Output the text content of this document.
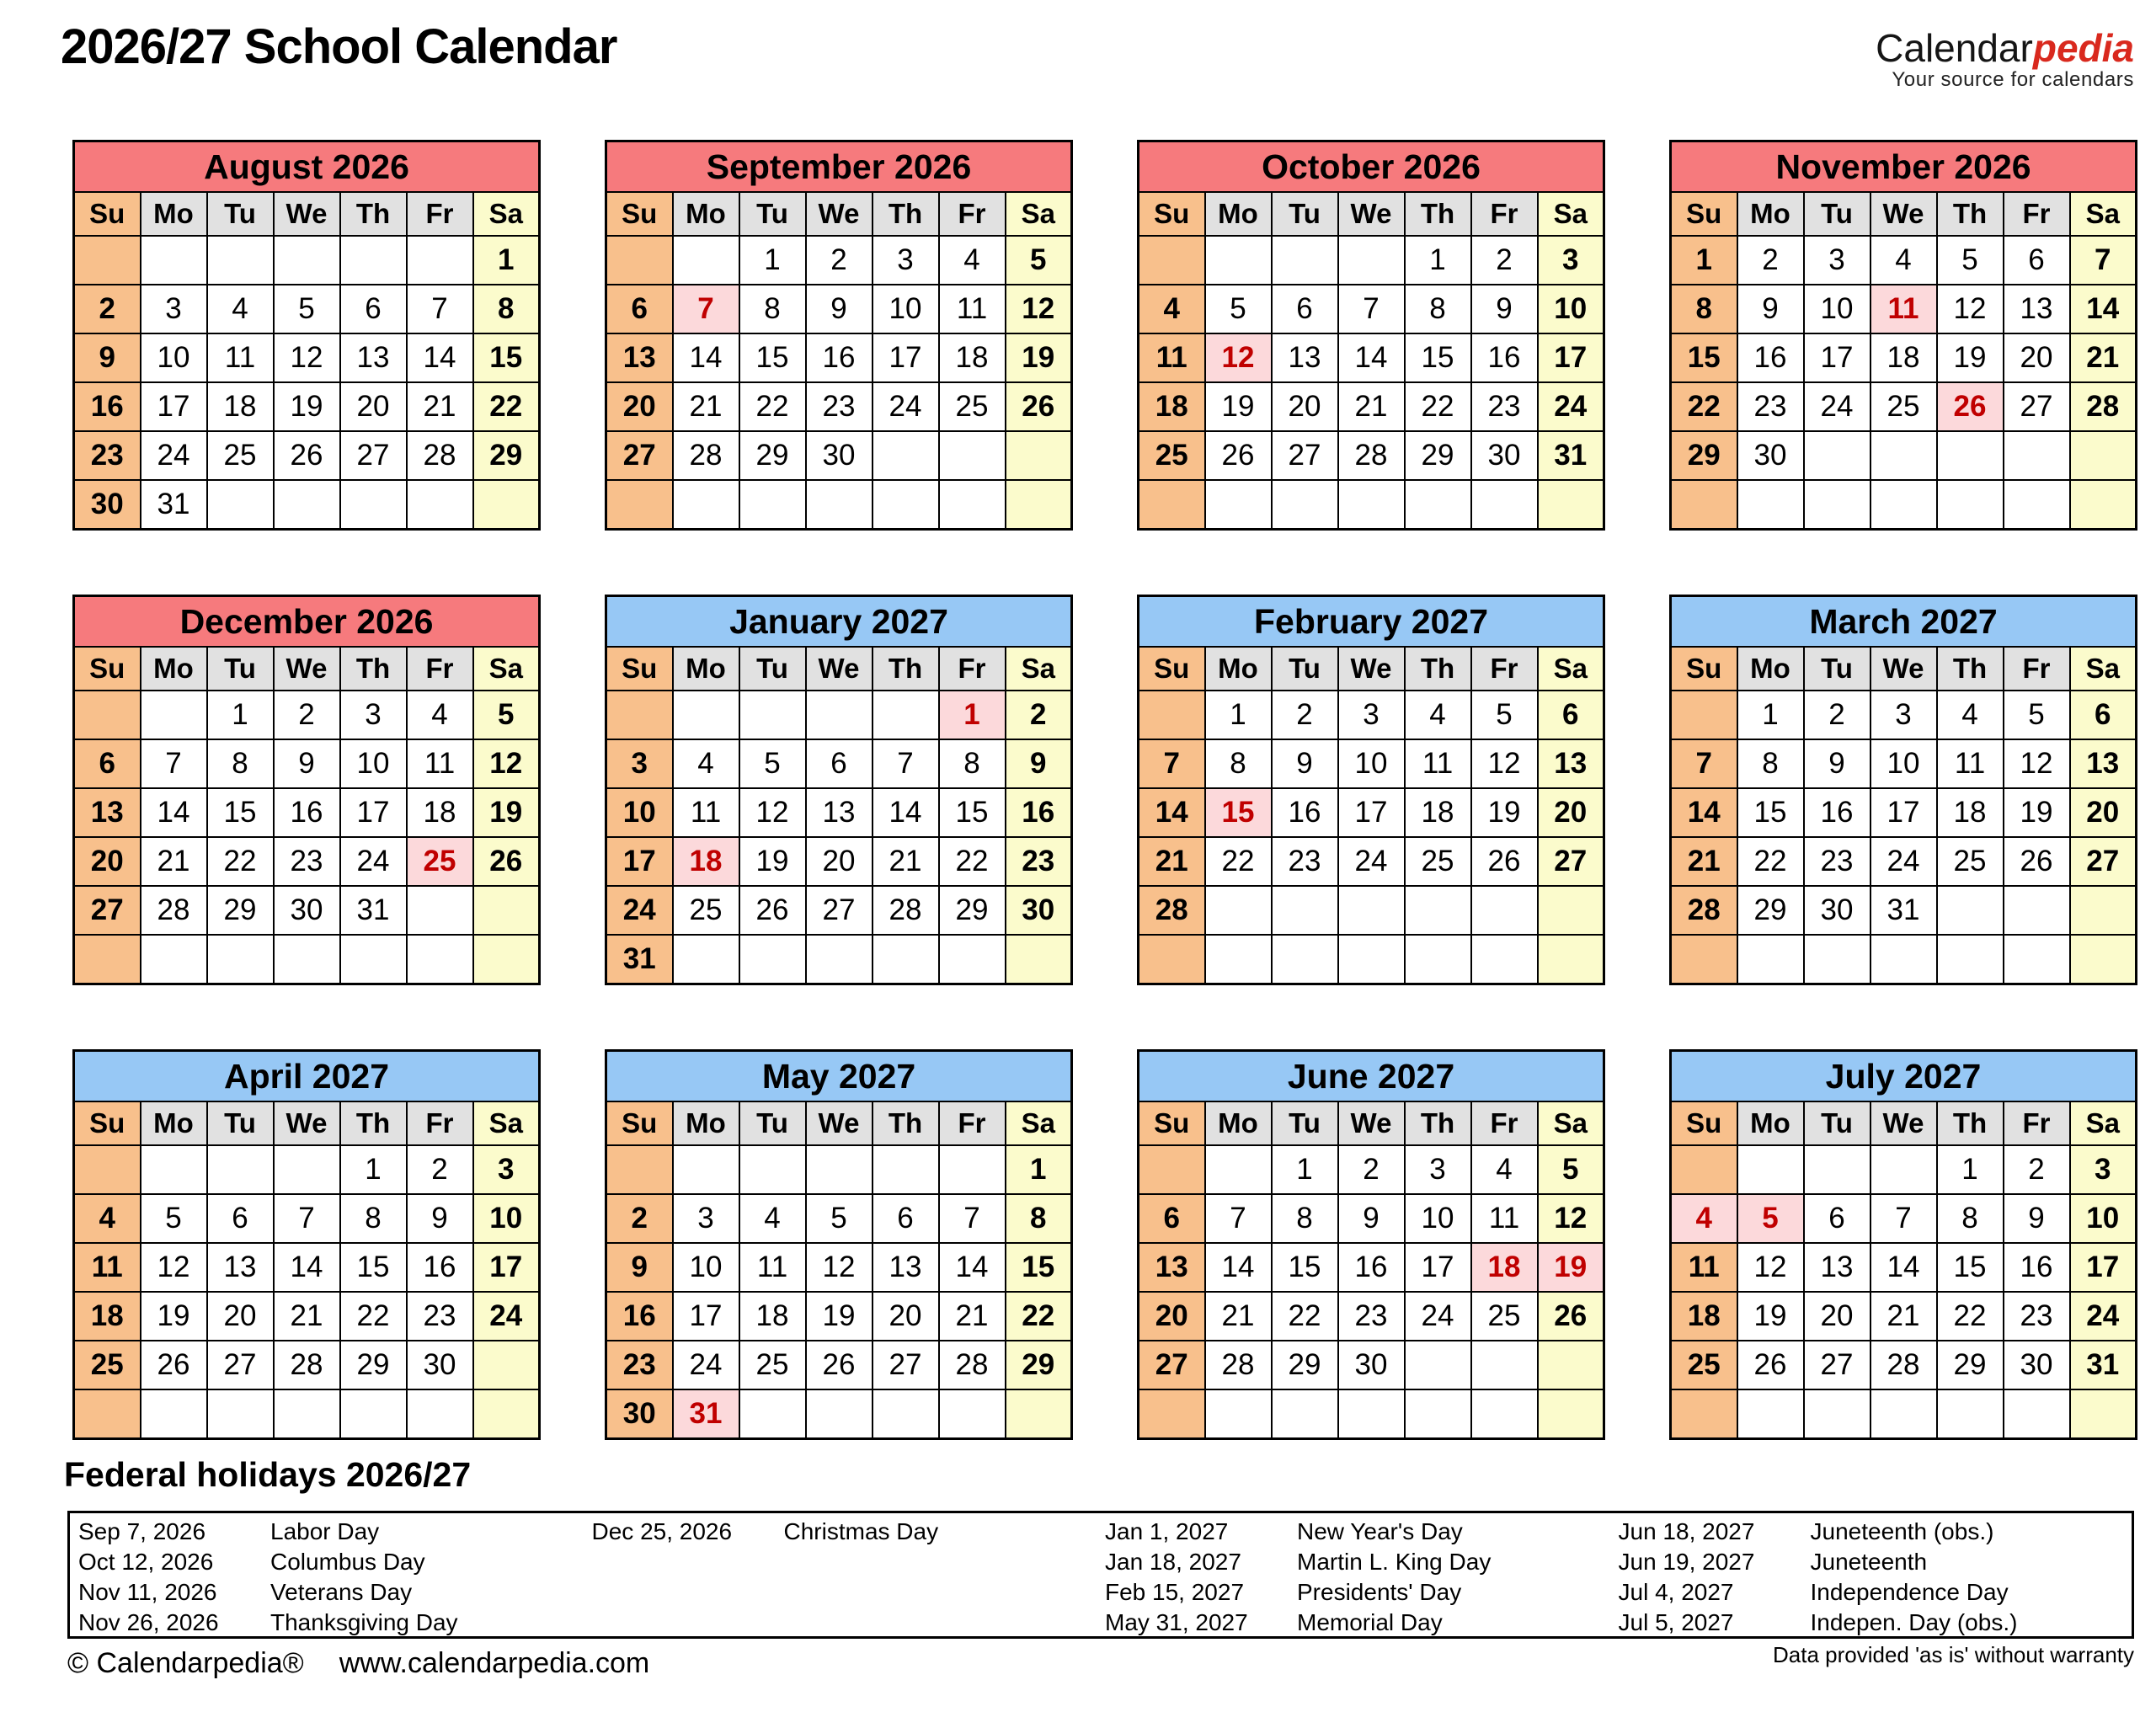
2026/27 School Calendar	Calendarpedia
Your source for calendars
August 2026						
Su	Mo	Tu	We	Th	Fr	Sa
						1
2	3	4	5	6	7	8
9	10	11	12	13	14	15
16	17	18	19	20	21	22
23	24	25	26	27	28	29
30	31					
September 2026						
Su	Mo	Tu	We	Th	Fr	Sa
		1	2	3	4	5
6	7	8	9	10	11	12
13	14	15	16	17	18	19
20	21	22	23	24	25	26
27	28	29	30			

October 2026						
Su	Mo	Tu	We	Th	Fr	Sa
				1	2	3
4	5	6	7	8	9	10
11	12	13	14	15	16	17
18	19	20	21	22	23	24
25	26	27	28	29	30	31

November 2026						
Su	Mo	Tu	We	Th	Fr	Sa
1	2	3	4	5	6	7
8	9	10	11	12	13	14
15	16	17	18	19	20	21
22	23	24	25	26	27	28
29	30					

December 2026						
Su	Mo	Tu	We	Th	Fr	Sa
		1	2	3	4	5
6	7	8	9	10	11	12
13	14	15	16	17	18	19
20	21	22	23	24	25	26
27	28	29	30	31		

January 2027						
Su	Mo	Tu	We	Th	Fr	Sa
					1	2
3	4	5	6	7	8	9
10	11	12	13	14	15	16
17	18	19	20	21	22	23
24	25	26	27	28	29	30
31						
February 2027						
Su	Mo	Tu	We	Th	Fr	Sa
	1	2	3	4	5	6
7	8	9	10	11	12	13
14	15	16	17	18	19	20
21	22	23	24	25	26	27
28						

March 2027						
Su	Mo	Tu	We	Th	Fr	Sa
	1	2	3	4	5	6
7	8	9	10	11	12	13
14	15	16	17	18	19	20
21	22	23	24	25	26	27
28	29	30	31			

April 2027						
Su	Mo	Tu	We	Th	Fr	Sa
				1	2	3
4	5	6	7	8	9	10
11	12	13	14	15	16	17
18	19	20	21	22	23	24
25	26	27	28	29	30	

May 2027						
Su	Mo	Tu	We	Th	Fr	Sa
						1
2	3	4	5	6	7	8
9	10	11	12	13	14	15
16	17	18	19	20	21	22
23	24	25	26	27	28	29
30	31					
June 2027						
Su	Mo	Tu	We	Th	Fr	Sa
		1	2	3	4	5
6	7	8	9	10	11	12
13	14	15	16	17	18	19
20	21	22	23	24	25	26
27	28	29	30			

July 2027						
Su	Mo	Tu	We	Th	Fr	Sa
				1	2	3
4	5	6	7	8	9	10
11	12	13	14	15	16	17
18	19	20	21	22	23	24
25	26	27	28	29	30	31

Federal holidays 2026/27
Sep 7, 2026	Labor Day
Oct 12, 2026	Columbus Day
Nov 11, 2026	Veterans Day
Nov 26, 2026	Thanksgiving Day
Dec 25, 2026	Christmas Day	Jan 1, 2027	New Year's Day
Jan 18, 2027	Martin L. King Day
Feb 15, 2027	Presidents' Day
May 31, 2027	Memorial Day
Jun 18, 2027	Juneteenth (obs.)
Jun 19, 2027	Juneteenth
Jul 4, 2027	Independence Day
Jul 5, 2027	Indepen. Day (obs.)
© Calendarpedia® www.calendarpedia.com	Data provided 'as is' without warranty
